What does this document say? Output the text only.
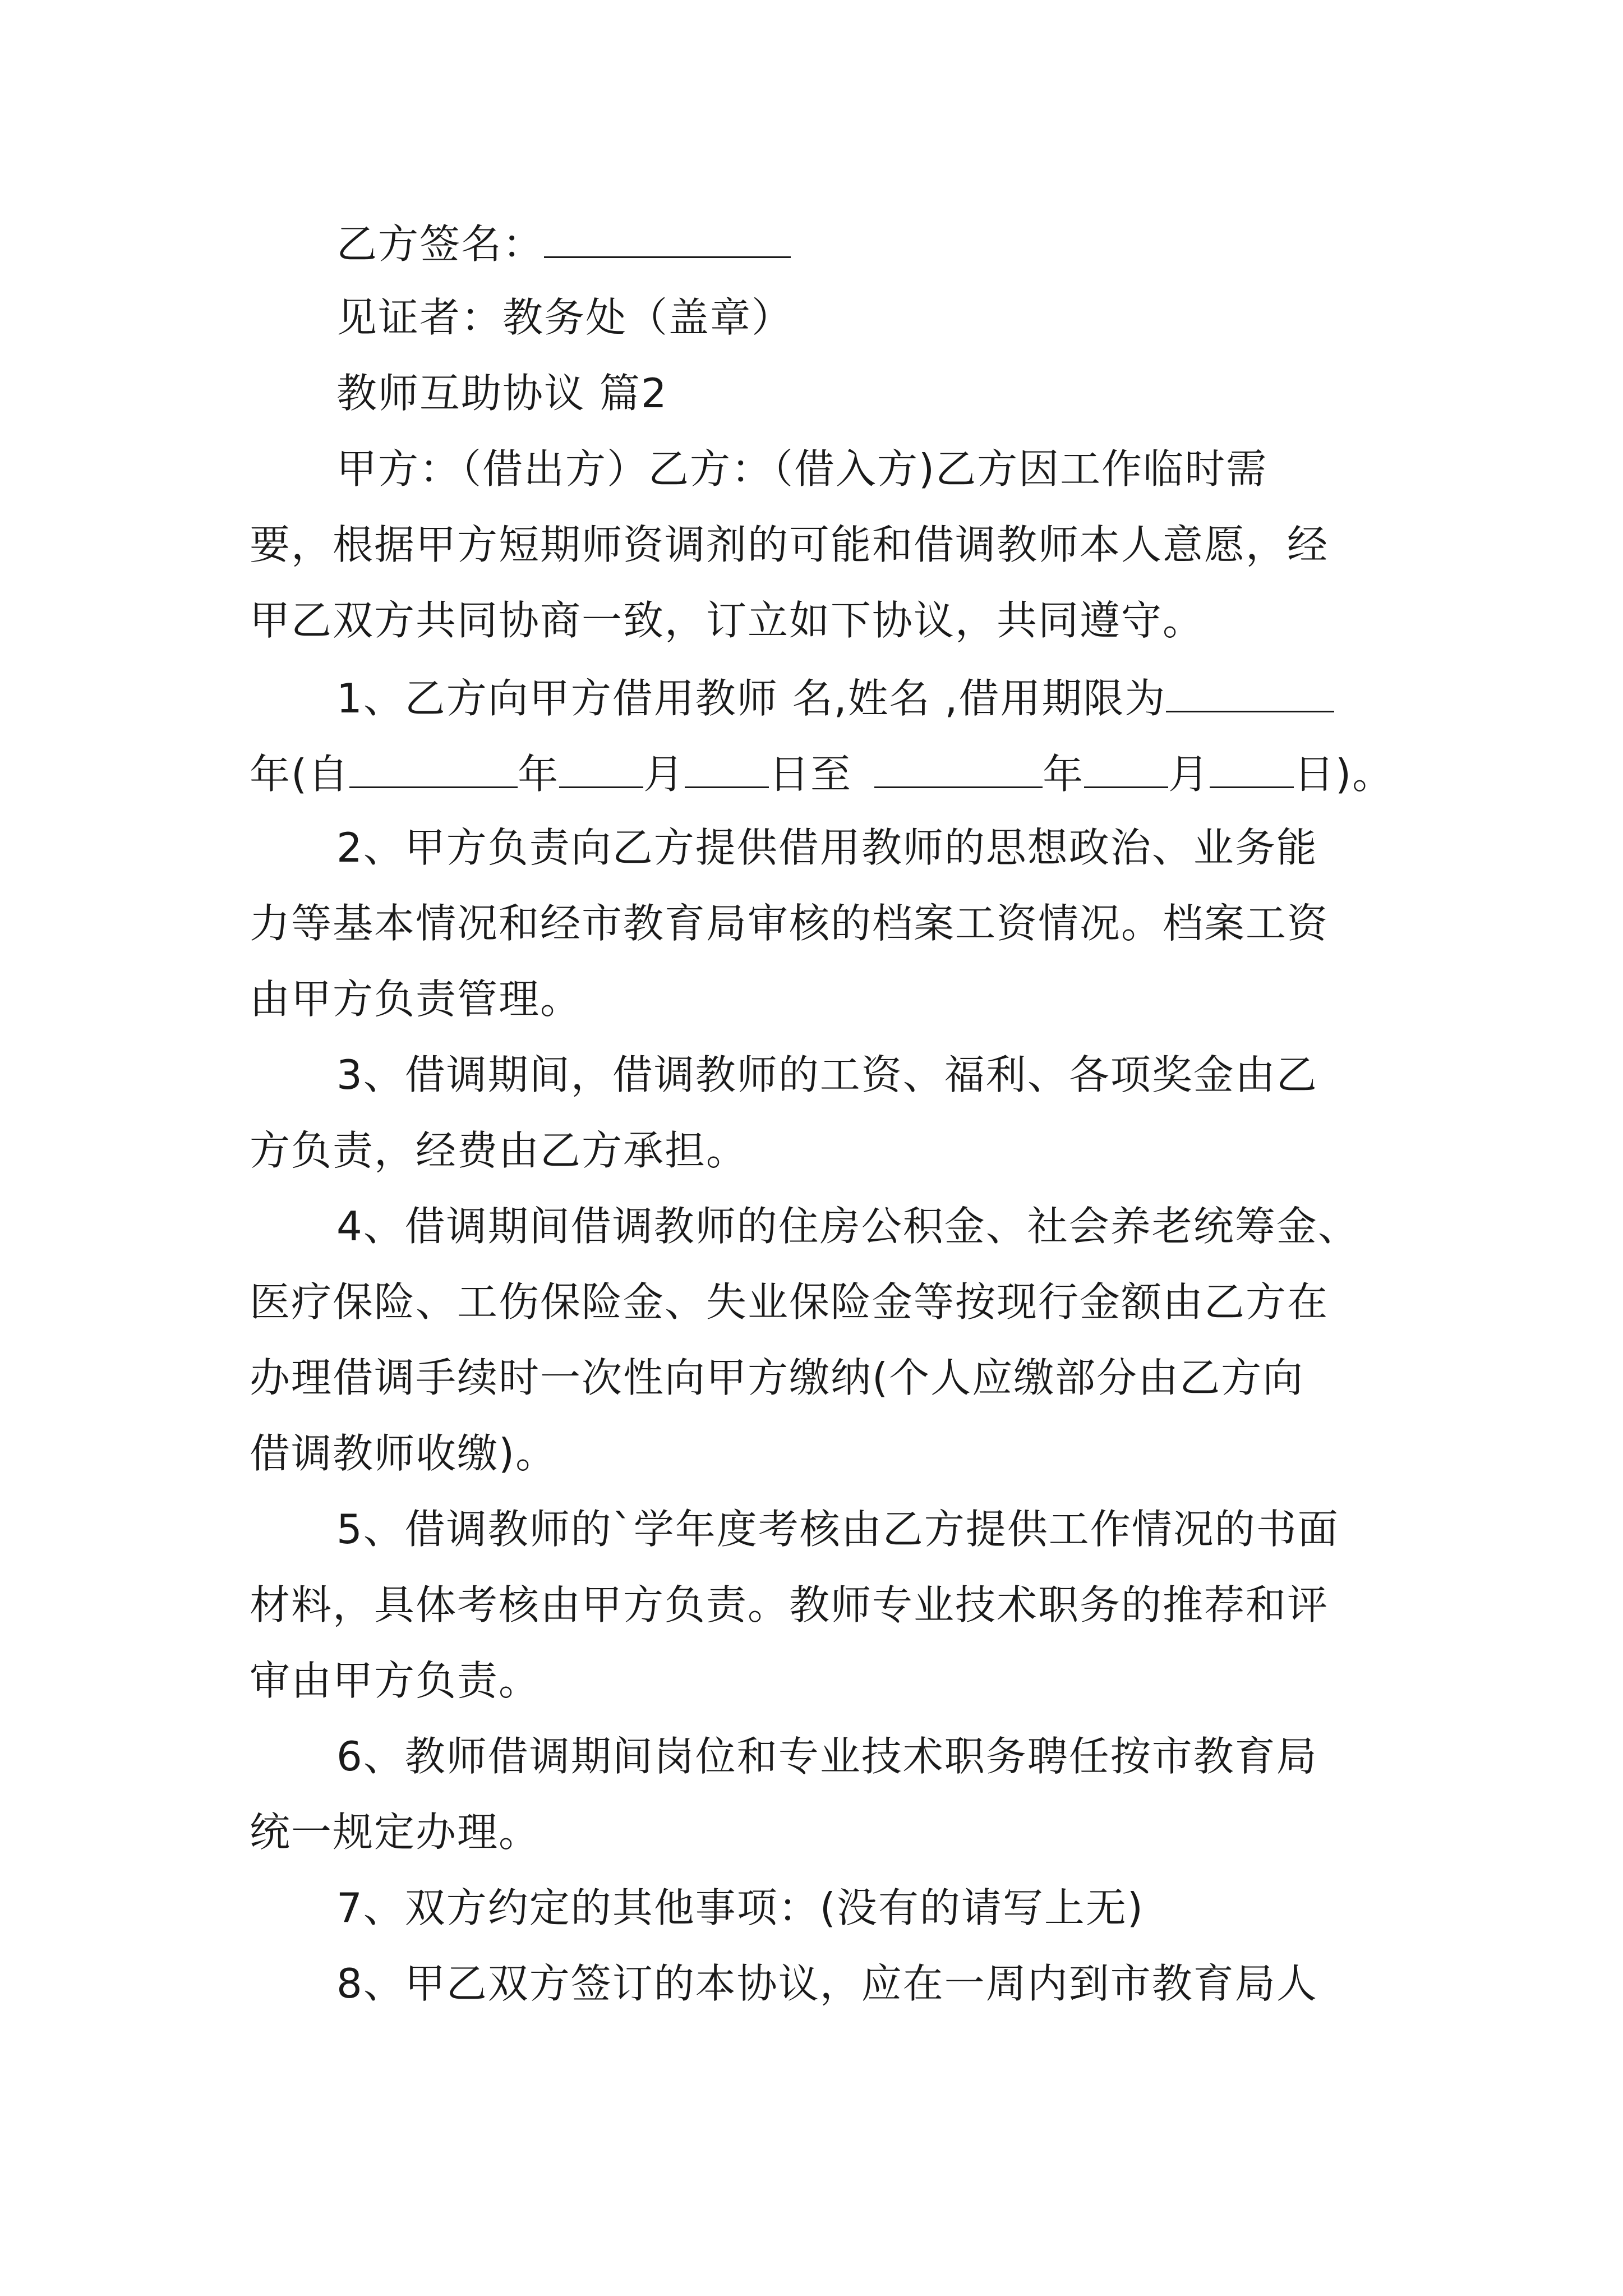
乙方签名：
见证者：教务处（盖章）
教师互助协议 篇2
甲方：（借出方）乙方：（借入方)乙方因工作临时需
要，根据甲方短期师资调剂的可能和借调教师本人意愿，经
甲乙双方共同协商一致，订立如下协议，共同遵守。
1、乙方向甲方借用教师 名,姓名 ,借用期限为
年(自	年 月 日至	年 月 日)。
2、甲方负责向乙方提供借用教师的思想政治、业务能
力等基本情况和经市教育局审核的档案工资情况。档案工资
由甲方负责管理。
3、借调期间，借调教师的工资、福利、各项奖金由乙
方负责，经费由乙方承担。
4、借调期间借调教师的住房公积金、社会养老统筹金、
医疗保险、工伤保险金、失业保险金等按现行金额由乙方在
办理借调手续时一次性向甲方缴纳(个人应缴部分由乙方向
借调教师收缴)。
5、借调教师的`学年度考核由乙方提供工作情况的书面
材料，具体考核由甲方负责。教师专业技术职务的推荐和评
审由甲方负责。
6、教师借调期间岗位和专业技术职务聘任按市教育局
统一规定办理。
7、双方约定的其他事项：(没有的请写上无)
8、甲乙双方签订的本协议，应在一周内到市教育局人
